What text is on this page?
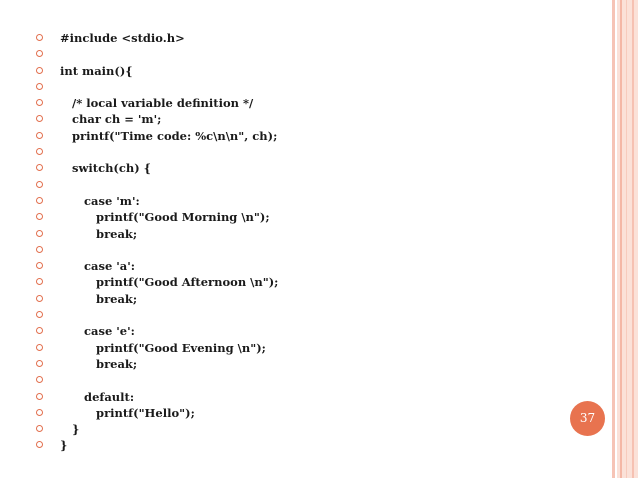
#include <stdio.h>
int main(){
/* local variable definition */
char ch = 'm';
printf("Time code: %c\n\n", ch);
switch(ch) {
case 'm':
printf("Good Morning \n");
break;
case 'a':
printf("Good Afternoon \n");
break;
case 'e':
printf("Good Evening \n");
break;
default:
printf("Hello");
}
}
37
